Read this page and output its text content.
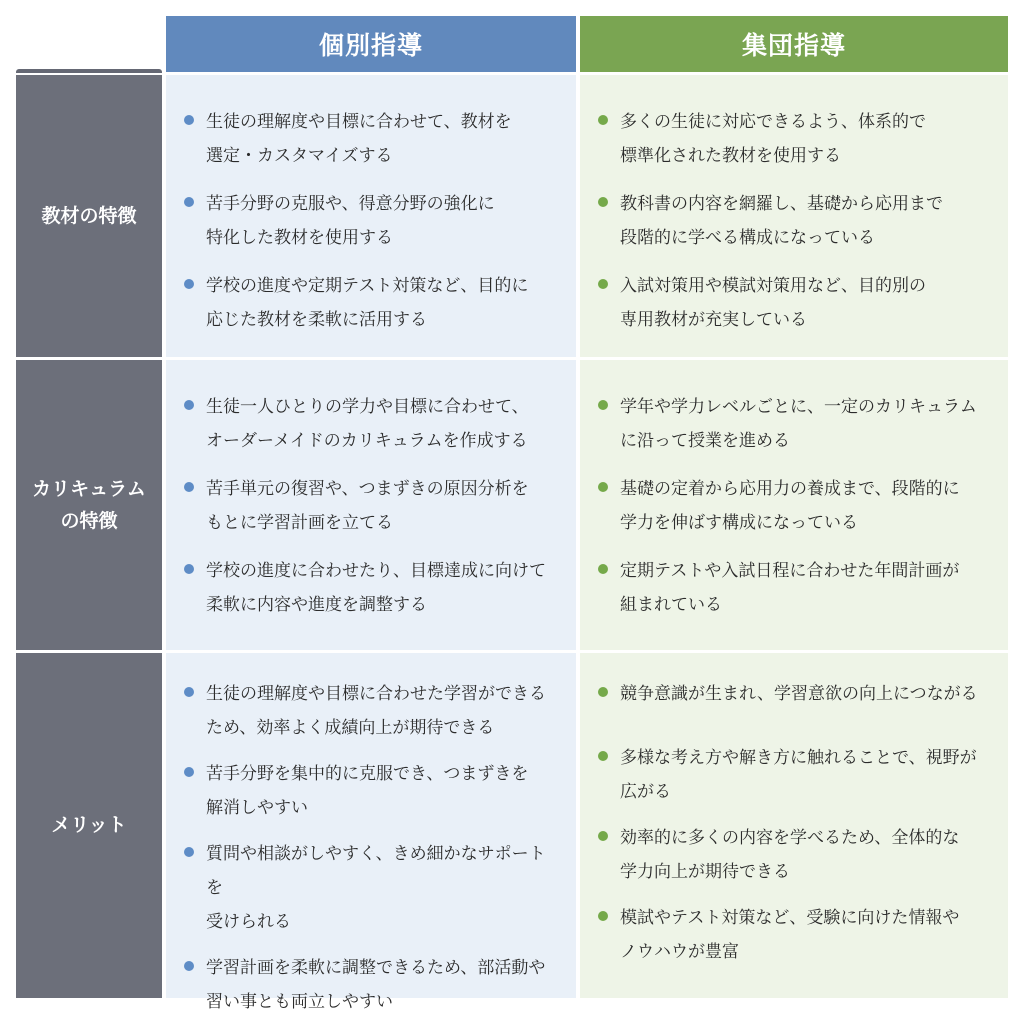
個別指導	集団指導
教材の特徴
生徒の理解度や目標に合わせて、教材を
選定・カスタマイズする
苦手分野の克服や、得意分野の強化に
特化した教材を使用する
学校の進度や定期テスト対策など、目的に
応じた教材を柔軟に活用する
多くの生徒に対応できるよう、体系的で
標準化された教材を使用する
教科書の内容を網羅し、基礎から応用まで
段階的に学べる構成になっている
入試対策用や模試対策用など、目的別の
専用教材が充実している
カリキュラム
の特徴
生徒一人ひとりの学力や目標に合わせて、
オーダーメイドのカリキュラムを作成する
苦手単元の復習や、つまずきの原因分析を
もとに学習計画を立てる
学校の進度に合わせたり、目標達成に向けて
柔軟に内容や進度を調整する
学年や学力レベルごとに、一定のカリキュラム
に沿って授業を進める
基礎の定着から応用力の養成まで、段階的に
学力を伸ばす構成になっている
定期テストや入試日程に合わせた年間計画が
組まれている
メリット
生徒の理解度や目標に合わせた学習ができる
ため、効率よく成績向上が期待できる
苦手分野を集中的に克服でき、つまずきを
解消しやすい
質問や相談がしやすく、きめ細かなサポートを
受けられる
学習計画を柔軟に調整できるため、部活動や
習い事とも両立しやすい
競争意識が生まれ、学習意欲の向上につながる
多様な考え方や解き方に触れることで、視野が
広がる
効率的に多くの内容を学べるため、全体的な
学力向上が期待できる
模試やテスト対策など、受験に向けた情報や
ノウハウが豊富
